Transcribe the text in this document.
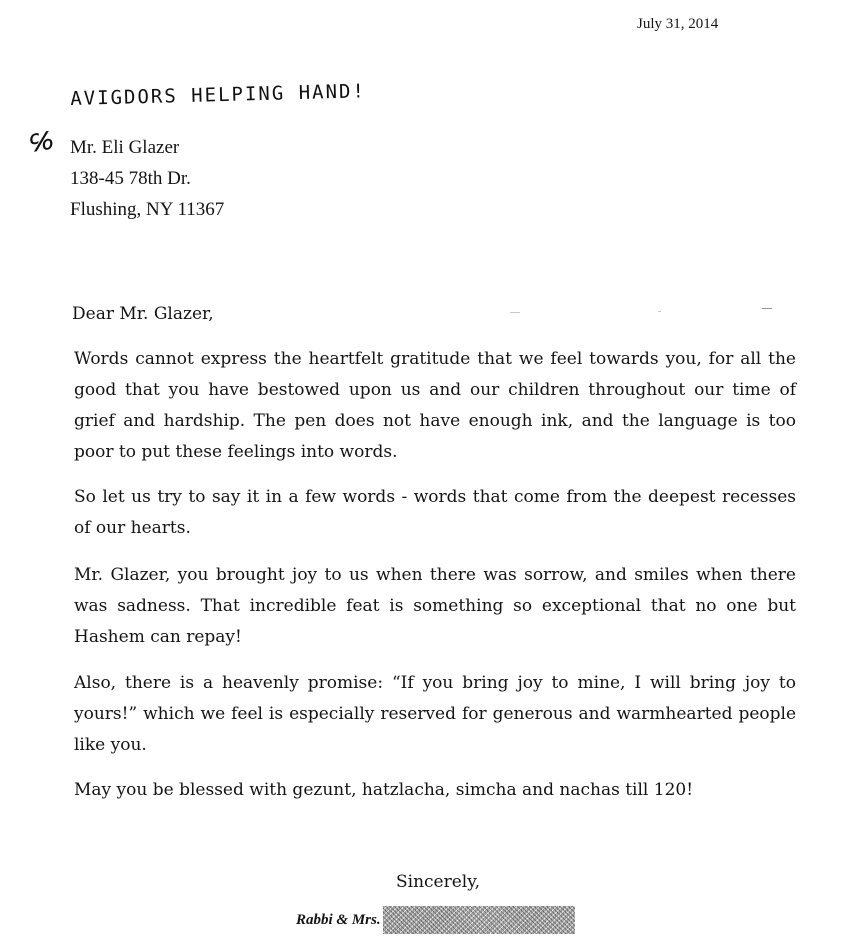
July 31, 2014
AVIGDORS HELPING HAND!
℅ Mr. Eli Glazer
138-45 78th Dr.
Flushing, NY 11367
Dear Mr. Glazer,
Words cannot express the heartfelt gratitude that we feel towards you, for all the good that you have bestowed upon us and our children throughout our time of grief and hardship. The pen does not have enough ink, and the language is too poor to put these feelings into words.
So let us try to say it in a few words - words that come from the deepest recesses of our hearts.
Mr. Glazer, you brought joy to us when there was sorrow, and smiles when there was sadness. That incredible feat is something so exceptional that no one but Hashem can repay!
Also, there is a heavenly promise: “If you bring joy to mine, I will bring joy to yours!” which we feel is especially reserved for generous and warmhearted people like you.
May you be blessed with gezunt, hatzlacha, simcha and nachas till 120!
Sincerely,
Rabbi & Mrs.
